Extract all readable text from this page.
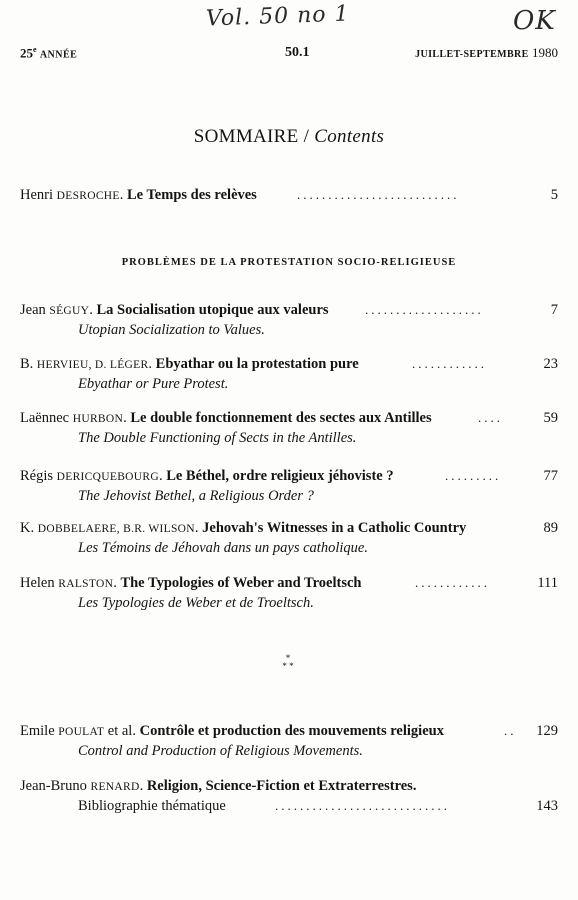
Vol. 50 no 1	OK
25e ANNÉE	50.1	JUILLET-SEPTEMBRE 1980
SOMMAIRE / Contents
Henri DESROCHE. Le Temps des relèves	..........................	5
PROBLÈMES DE LA PROTESTATION SOCIO-RELIGIEUSE
Jean SÉGUY. La Socialisation utopique aux valeurs	...................	7
Utopian Socialization to Values.
B. HERVIEU, D. LÉGER. Ebyathar ou la protestation pure	............	23
Ebyathar or Pure Protest.
Laënnec HURBON. Le double fonctionnement des sectes aux Antilles	....	59
The Double Functioning of Sects in the Antilles.
Régis DERICQUEBOURG. Le Béthel, ordre religieux jéhoviste ?	.........	77
The Jehovist Bethel, a Religious Order ?
K. DOBBELAERE, B.R. WILSON. Jehovah's Witnesses in a Catholic Country	89
Les Témoins de Jéhovah dans un pays catholique.
Helen RALSTON. The Typologies of Weber and Troeltsch	............	111
Les Typologies de Weber et de Troeltsch.
*
* *
Emile POULAT et al. Contrôle et production des mouvements religieux	.. 129
Control and Production of Religious Movements.
Jean-Bruno RENARD. Religion, Science-Fiction et Extraterrestres.
Bibliographie thématique	............................	143
